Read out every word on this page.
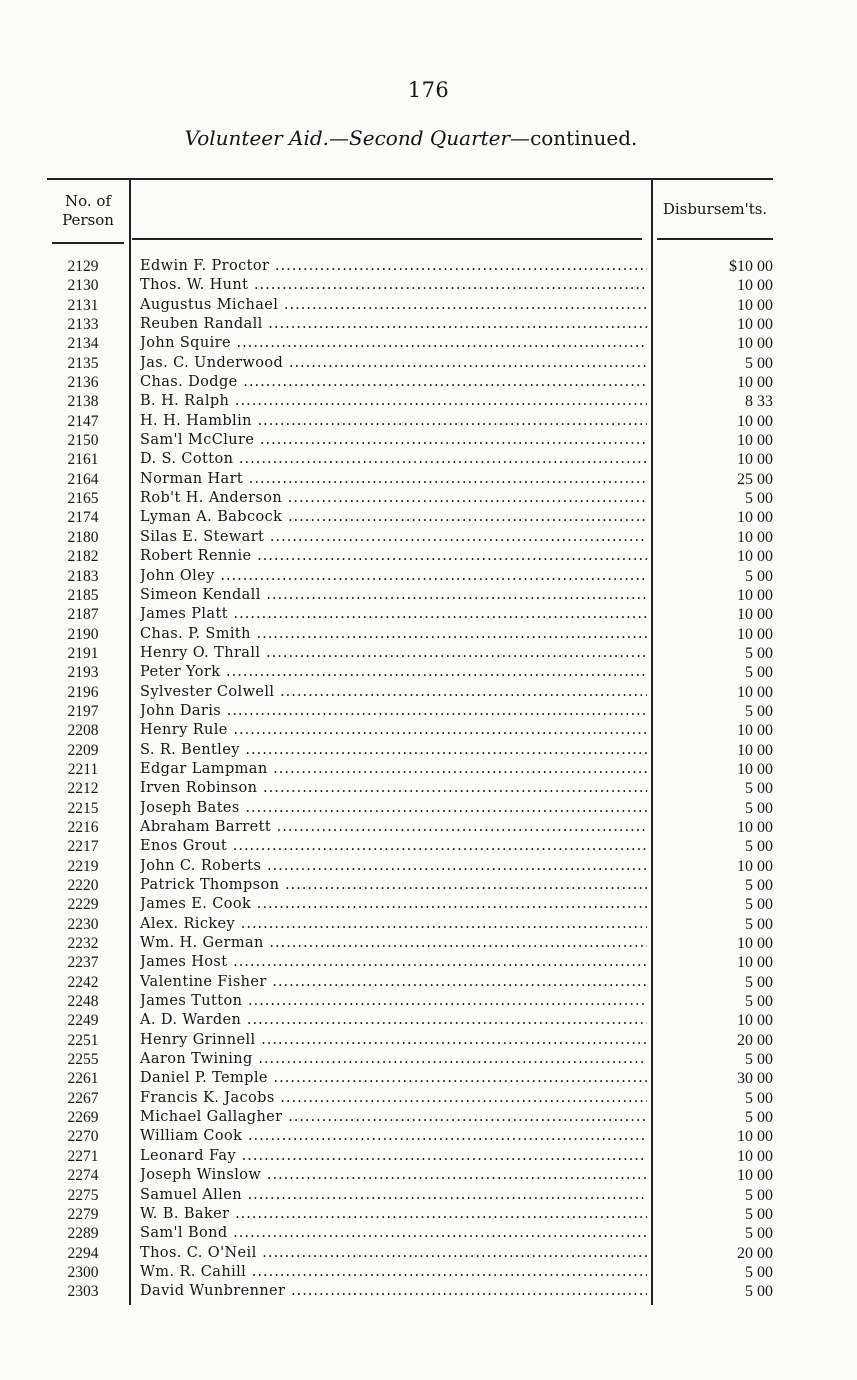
176
Volunteer Aid.—Second Quarter—continued.
No. of
Person
Disbursem'ts.
2129	Edwin F. Proctor .....	$10 00
2130	Thos. W. Hunt .....	10 00
2131	Augustus Michael .....	10 00
2133	Reuben Randall .....	10 00
2134	John Squire .....	10 00
2135	Jas. C. Underwood .....	5 00
2136	Chas. Dodge .....	10 00
2138	B. H. Ralph .....	8 33
2147	H. H. Hamblin .....	10 00
2150	Sam'l McClure .....	10 00
2161	D. S. Cotton .....	10 00
2164	Norman Hart .....	25 00
2165	Rob't H. Anderson .....	5 00
2174	Lyman A. Babcock .....	10 00
2180	Silas E. Stewart .....	10 00
2182	Robert Rennie .....	10 00
2183	John Oley .....	5 00
2185	Simeon Kendall .....	10 00
2187	James Platt .....	10 00
2190	Chas. P. Smith .....	10 00
2191	Henry O. Thrall .....	5 00
2193	Peter York .....	5 00
2196	Sylvester Colwell .....	10 00
2197	John Daris .....	5 00
2208	Henry Rule .....	10 00
2209	S. R. Bentley .....	10 00
2211	Edgar Lampman .....	10 00
2212	Irven Robinson .....	5 00
2215	Joseph Bates .....	5 00
2216	Abraham Barrett .....	10 00
2217	Enos Grout .....	5 00
2219	John C. Roberts .....	10 00
2220	Patrick Thompson .....	5 00
2229	James E. Cook .....	5 00
2230	Alex. Rickey .....	5 00
2232	Wm. H. German .....	10 00
2237	James Host .....	10 00
2242	Valentine Fisher .....	5 00
2248	James Tutton .....	5 00
2249	A. D. Warden .....	10 00
2251	Henry Grinnell .....	20 00
2255	Aaron Twining .....	5 00
2261	Daniel P. Temple .....	30 00
2267	Francis K. Jacobs .....	5 00
2269	Michael Gallagher .....	5 00
2270	William Cook .....	10 00
2271	Leonard Fay .....	10 00
2274	Joseph Winslow .....	10 00
2275	Samuel Allen .....	5 00
2279	W. B. Baker .....	5 00
2289	Sam'l Bond .....	5 00
2294	Thos. C. O'Neil .....	20 00
2300	Wm. R. Cahill .....	5 00
2303	David Wunbrenner .....	5 00
